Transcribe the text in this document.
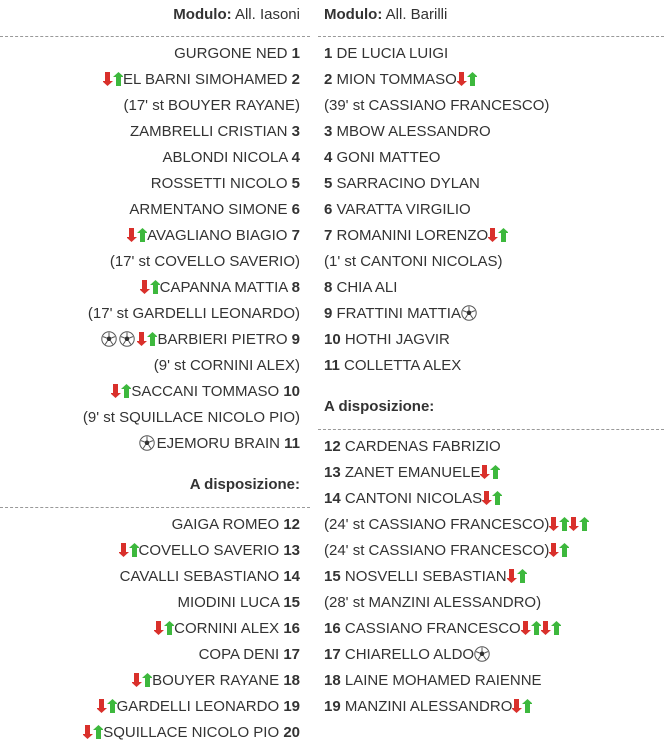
Modulo: All. Iasoni
GURGONE NED 1
EL BARNI SIMOHAMED 2
(17' st BOUYER RAYANE)
ZAMBRELLI CRISTIAN 3
ABLONDI NICOLA 4
ROSSETTI NICOLO 5
ARMENTANO SIMONE 6
AVAGLIANO BIAGIO 7
(17' st COVELLO SAVERIO)
CAPANNA MATTIA 8
(17' st GARDELLI LEONARDO)
BARBIERI PIETRO 9
(9' st CORNINI ALEX)
SACCANI TOMMASO 10
(9' st SQUILLACE NICOLO PIO)
EJEMORU BRAIN 11
A disposizione:
GAIGA ROMEO 12
COVELLO SAVERIO 13
CAVALLI SEBASTIANO 14
MIODINI LUCA 15
CORNINI ALEX 16
COPA DENI 17
BOUYER RAYANE 18
GARDELLI LEONARDO 19
SQUILLACE NICOLO PIO 20
Modulo: All. Barilli
1 DE LUCIA LUIGI
2 MION TOMMASO
(39' st CASSIANO FRANCESCO)
3 MBOW ALESSANDRO
4 GONI MATTEO
5 SARRACINO DYLAN
6 VARATTA VIRGILIO
7 ROMANINI LORENZO
(1' st CANTONI NICOLAS)
8 CHIA ALI
9 FRATTINI MATTIA
10 HOTHI JAGVIR
11 COLLETTA ALEX
A disposizione:
12 CARDENAS FABRIZIO
13 ZANET EMANUELE
14 CANTONI NICOLAS
(24' st CASSIANO FRANCESCO)
(24' st CASSIANO FRANCESCO)
15 NOSVELLI SEBASTIAN
(28' st MANZINI ALESSANDRO)
16 CASSIANO FRANCESCO
17 CHIARELLO ALDO
18 LAINE MOHAMED RAIENNE
19 MANZINI ALESSANDRO
